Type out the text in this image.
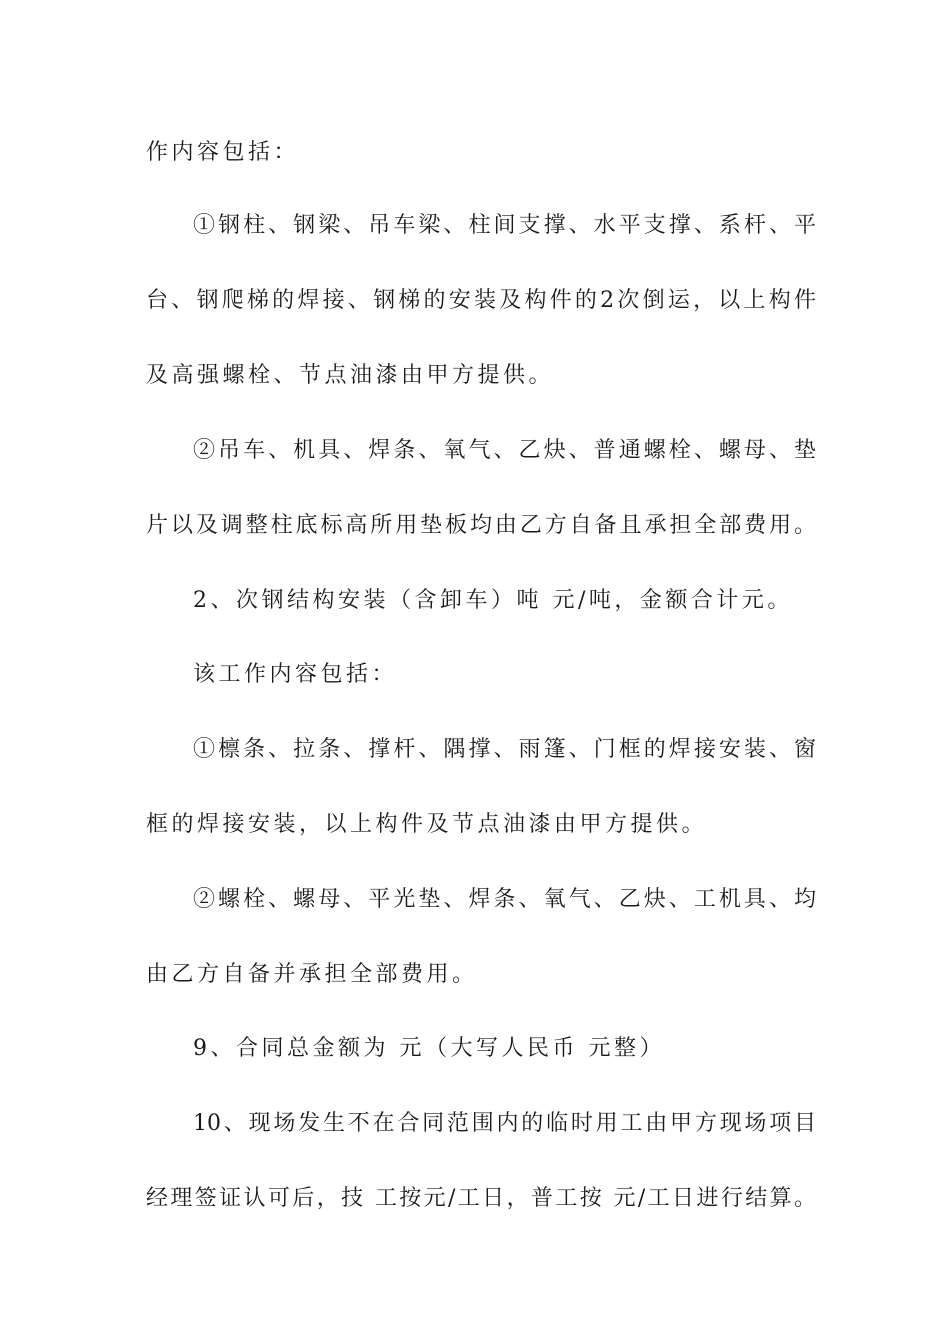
作内容包括：
①钢柱、钢梁、吊车梁、柱间支撑、水平支撑、系杆、平
台、钢爬梯的焊接、钢梯的安装及构件的2次倒运，以上构件
及高强螺栓、节点油漆由甲方提供。
②吊车、机具、焊条、氧气、乙炔、普通螺栓、螺母、垫
片以及调整柱底标高所用垫板均由乙方自备且承担全部费用。
2、次钢结构安装（含卸车）吨 元/吨，金额合计元。
该工作内容包括：
①檩条、拉条、撑杆、隅撑、雨篷、门框的焊接安装、窗
框的焊接安装，以上构件及节点油漆由甲方提供。
②螺栓、螺母、平光垫、焊条、氧气、乙炔、工机具、均
由乙方自备并承担全部费用。
9、合同总金额为 元（大写人民币 元整）
10、现场发生不在合同范围内的临时用工由甲方现场项目
经理签证认可后，技 工按元/工日，普工按 元/工日进行结算。
